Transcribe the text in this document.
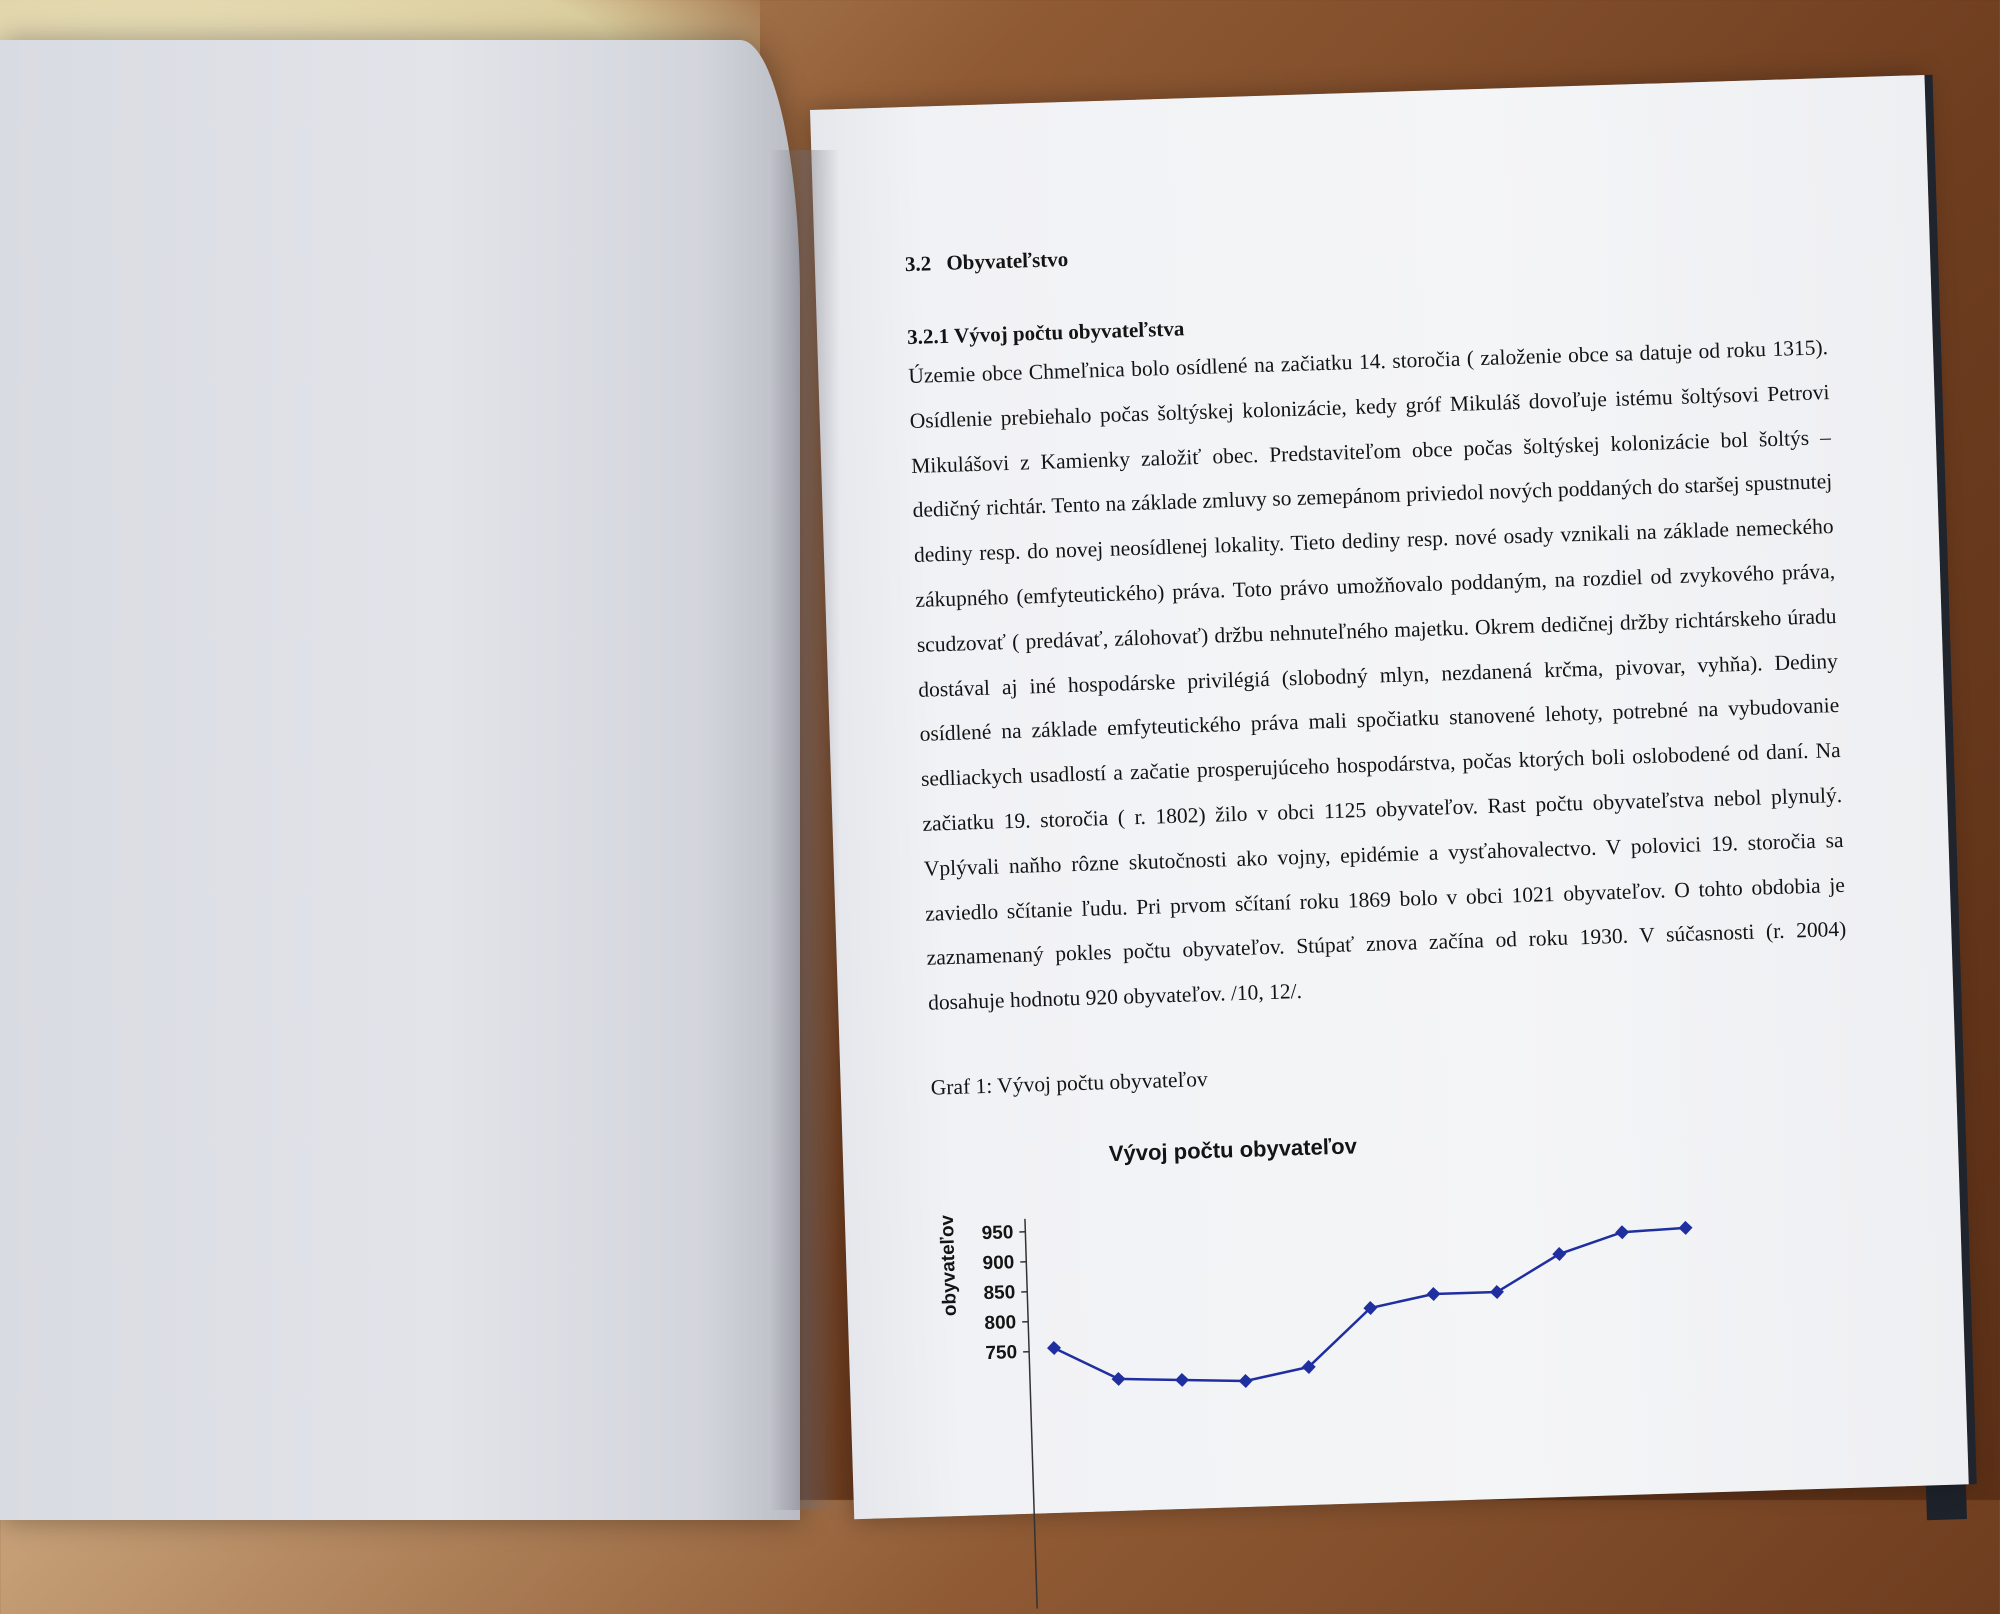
3.2 Obyvateľstvo
3.2.1 Vývoj počtu obyvateľstva

Územie obce Chmeľnica bolo osídlené na začiatku 14. storočia ( založenie obce sa datuje od roku 1315). Osídlenie prebiehalo počas šoltýskej kolonizácie, kedy gróf Mikuláš dovoľuje istému šoltýsovi Petrovi Mikulášovi z Kamienky založiť obec. Predstaviteľom obce počas šoltýskej kolonizácie bol šoltýs – dedičný richtár. Tento na základe zmluvy so zemepánom priviedol nových poddaných do staršej spustnutej dediny resp. do novej neosídlenej lokality. Tieto dediny resp. nové osady vznikali na základe nemeckého zákupného (emfyteutického) práva. Toto právo umožňovalo poddaným, na rozdiel od zvykového práva, scudzovať ( predávať, zálohovať) držbu nehnuteľného majetku. Okrem dedičnej držby richtárskeho úradu dostával aj iné hospodárske privilégiá (slobodný mlyn, nezdanená krčma, pivovar, vyhňa). Dediny osídlené na základe emfyteutického práva mali spočiatku stanovené lehoty, potrebné na vybudovanie sedliackych usadlostí a začatie prosperujúceho hospodárstva, počas ktorých boli oslobodené od daní. Na začiatku 19. storočia ( r. 1802) žilo v obci 1125 obyvateľov. Rast počtu obyvateľstva nebol plynulý. Vplývali naňho rôzne skutočnosti ako vojny, epidémie a vysťahovalectvo. V polovici 19. storočia sa zaviedlo sčítanie ľudu. Pri prvom sčítaní roku 1869 bolo v obci 1021 obyvateľov. O tohto obdobia je zaznamenaný pokles počtu obyvateľov. Stúpať znova začína od roku 1930. V súčasnosti (r. 2004) dosahuje hodnotu 920 obyvateľov. /10, 12/.

Graf 1: Vývoj počtu obyvateľov
Vývoj počtu obyvateľov
obyvateľov 950
900
850
800
750
